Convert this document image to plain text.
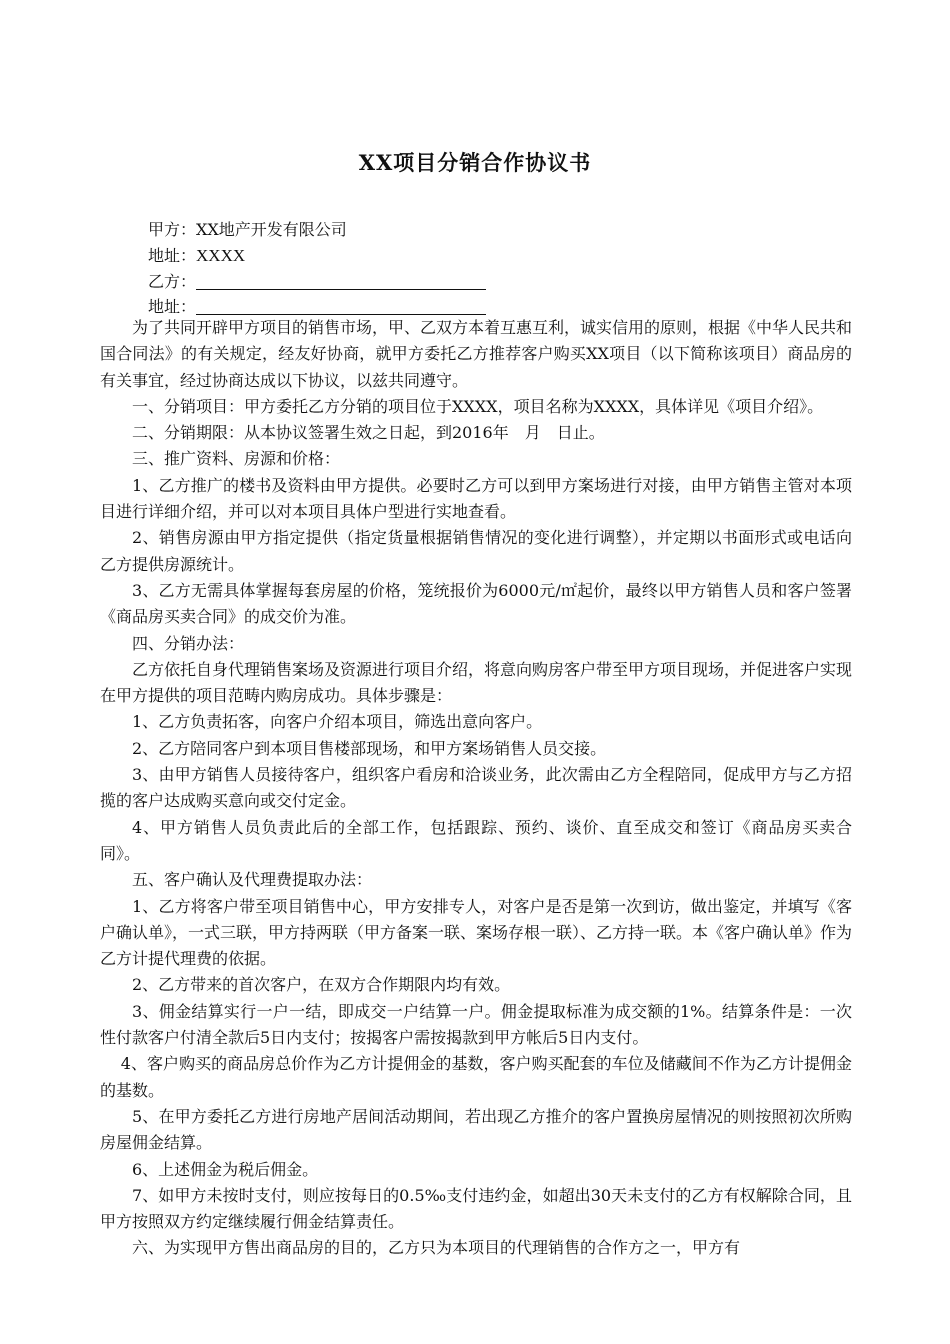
XX项目分销合作协议书
甲方：XX地产开发有限公司
地址：XXXX
乙方：
地址：

为了共同开辟甲方项目的销售市场，甲、乙双方本着互惠互利，诚实信用的原则，根据《中华人民共和国合同法》的有关规定，经友好协商，就甲方委托乙方推荐客户购买XX项目（以下简称该项目）商品房的有关事宜，经过协商达成以下协议，以兹共同遵守。

一、分销项目：甲方委托乙方分销的项目位于XXXX，项目名称为XXXX，具体详见《项目介绍》。

二、分销期限：从本协议签署生效之日起，到2016年　月　日止。

三、推广资料、房源和价格：

1、乙方推广的楼书及资料由甲方提供。必要时乙方可以到甲方案场进行对接，由甲方销售主管对本项目进行详细介绍，并可以对本项目具体户型进行实地查看。

2、销售房源由甲方指定提供（指定货量根据销售情况的变化进行调整），并定期以书面形式或电话向乙方提供房源统计。

3、乙方无需具体掌握每套房屋的价格，笼统报价为6000元/㎡起价，最终以甲方销售人员和客户签署《商品房买卖合同》的成交价为准。

四、分销办法：

乙方依托自身代理销售案场及资源进行项目介绍，将意向购房客户带至甲方项目现场，并促进客户实现在甲方提供的项目范畴内购房成功。具体步骤是：

1、乙方负责拓客，向客户介绍本项目，筛选出意向客户。

2、乙方陪同客户到本项目售楼部现场，和甲方案场销售人员交接。

3、由甲方销售人员接待客户，组织客户看房和洽谈业务，此次需由乙方全程陪同，促成甲方与乙方招揽的客户达成购买意向或交付定金。

4、甲方销售人员负责此后的全部工作，包括跟踪、预约、谈价、直至成交和签订《商品房买卖合同》。

五、客户确认及代理费提取办法：

1、乙方将客户带至项目销售中心，甲方安排专人，对客户是否是第一次到访，做出鉴定，并填写《客户确认单》，一式三联，甲方持两联（甲方备案一联、案场存根一联）、乙方持一联。本《客户确认单》作为乙方计提代理费的依据。

2、乙方带来的首次客户，在双方合作期限内均有效。

3、佣金结算实行一户一结，即成交一户结算一户。佣金提取标准为成交额的1%。结算条件是：一次性付款客户付清全款后5日内支付；按揭客户需按揭款到甲方帐后5日内支付。

4、客户购买的商品房总价作为乙方计提佣金的基数，客户购买配套的车位及储藏间不作为乙方计提佣金的基数。

5、在甲方委托乙方进行房地产居间活动期间，若出现乙方推介的客户置换房屋情况的则按照初次所购房屋佣金结算。

6、上述佣金为税后佣金。

7、如甲方未按时支付，则应按每日的0.5‰支付违约金，如超出30天未支付的乙方有权解除合同，且甲方按照双方约定继续履行佣金结算责任。

六、为实现甲方售出商品房的目的，乙方只为本项目的代理销售的合作方之一，甲方有
